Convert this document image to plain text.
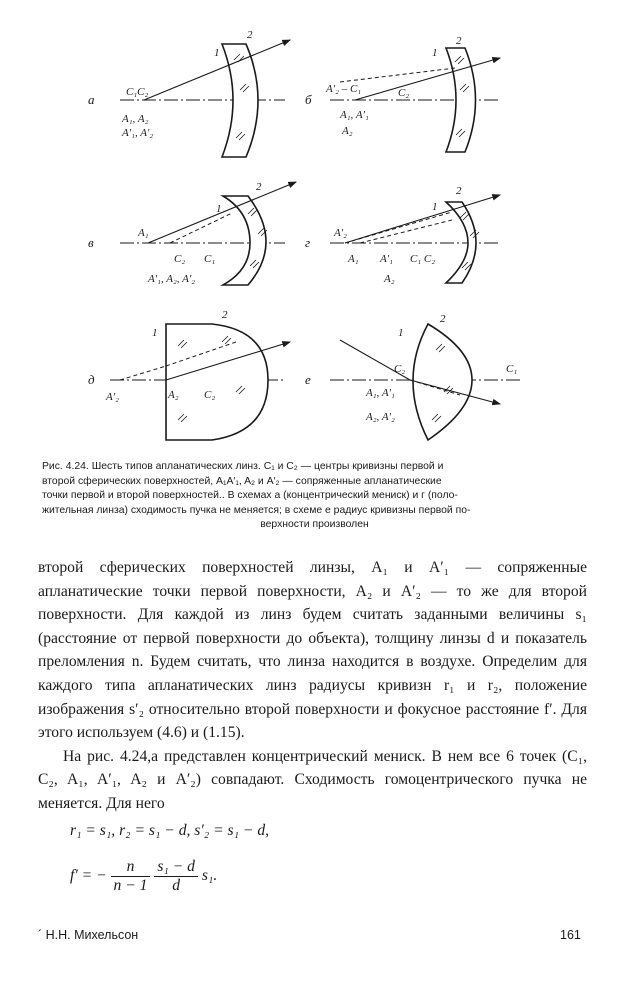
а
1
2
C₁C₂
A₁, A₂
A′₁, A′₂
б
1
2
A′₂ – C₁	C₂
A₁, A′₁
A₂
в
1
2
A₁
C₂ C₁
A′₁, A₂, A′₂
г
1
2
A′₂
A₁ A′₁ C₁ C₂
A₂
д
1
2
A′₂	A₂ C₂
е
1
2
C₂	C₁
A₁, A′₁
A₂, A′₂
Рис. 4.24. Шесть типов апланатических линз. C₁ и C₂ — центры кривизны первой и
второй сферических поверхностей, A₁A′₁, A₂ и A′₂ — сопряженные апланатические
точки первой и второй поверхностей.. В схемах а (концентрический мениск) и г (поло-
жительная линза) сходимость пучка не меняется; в схеме е радиус кривизны первой по-
верхности произволен

второй сферических поверхностей линзы, A₁ и A′₁ — сопряженные апланатические точки первой поверхности, A₂ и A′₂ — то же для второй поверхности. Для каждой из линз будем считать заданными величины s₁ (расстояние от первой поверхности до объекта), толщину линзы d и показатель преломления n. Будем считать, что линза находится в воздухе. Определим для каждого типа апланатических линз радиусы кривизн r₁ и r₂, положение изображения s′₂ относительно второй поверхности и фокусное расстояние f′. Для этого используем (4.6) и (1.15).

На рис. 4.24,а представлен концентрический мениск. В нем все 6 точек (C₁, C₂, A₁, A′₁, A₂ и A′₂) совпадают. Сходимость гомоцентрического пучка не меняется. Для него

r₁ = s₁, r₂ = s₁ − d, s′₂ = s₁ − d,
f′ = − $\frac{n}{n - 1}$
$\frac{\text{s₁ − d}}{d} s_1$.
´ Н.Н. Михельсон	161
